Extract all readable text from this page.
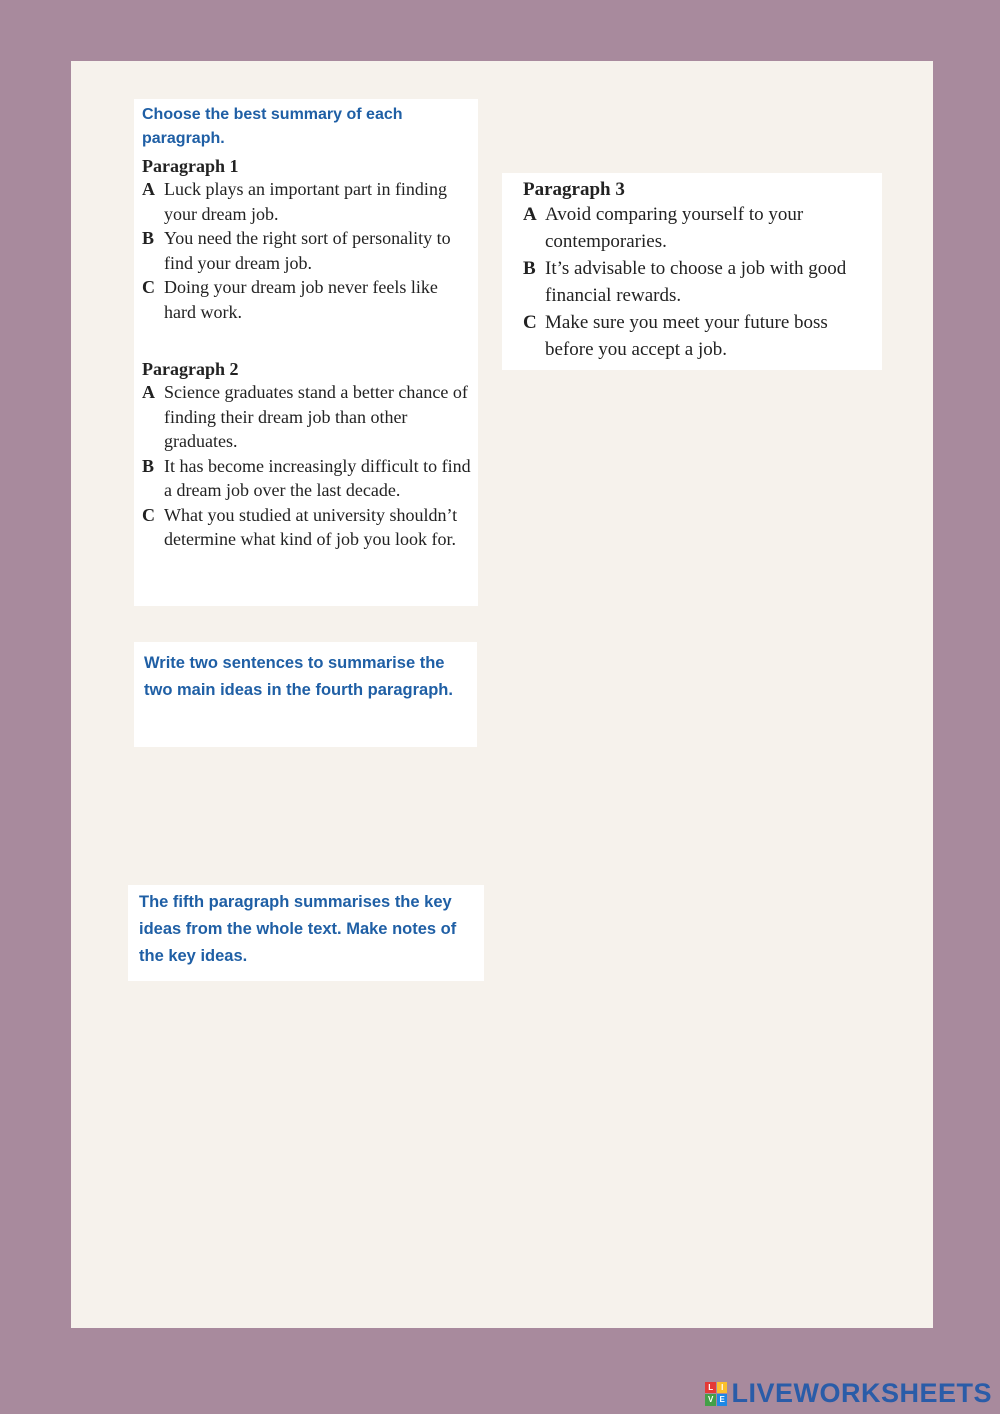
Choose the best summary of each paragraph.

Paragraph 1

A Luck plays an important part in finding your dream job.
B You need the right sort of personality to find your dream job.
C Doing your dream job never feels like hard work.

Paragraph 2

A Science graduates stand a better chance of finding their dream job than other graduates.
B It has become increasingly difficult to find a dream job over the last decade.
C What you studied at university shouldn’t determine what kind of job you look for.

Paragraph 3

A Avoid comparing yourself to your contemporaries.
B It’s advisable to choose a job with good financial rewards.
C Make sure you meet your future boss before you accept a job.
Write two sentences to summarise the two main ideas in the fourth paragraph.
The fifth paragraph summarises the key ideas from the whole text. Make notes of the key ideas.
L I
V E LIVEWORKSHEETS
